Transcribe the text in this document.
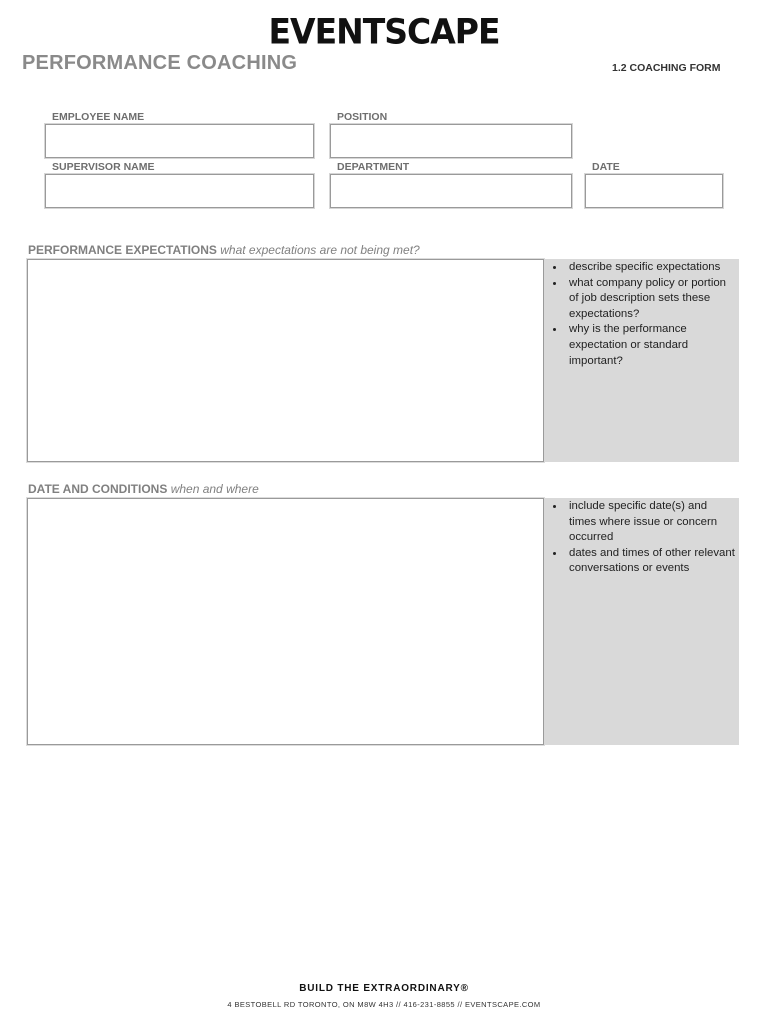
EVENTSCAPE
PERFORMANCE COACHING	1.2 COACHING FORM
EMPLOYEE NAME	POSITION
SUPERVISOR NAME	DEPARTMENT	DATE
PERFORMANCE EXPECTATIONS what expectations are not being met?
describe specific expectations
what company policy or portion of job description sets these expectations?
why is the performance expectation or standard important?
DATE AND CONDITIONS when and where
include specific date(s) and times where issue or concern occurred
dates and times of other relevant conversations or events
BUILD THE EXTRAORDINARY®
4 BESTOBELL RD TORONTO, ON M8W 4H3 // 416-231-8855 // EVENTSCAPE.COM
